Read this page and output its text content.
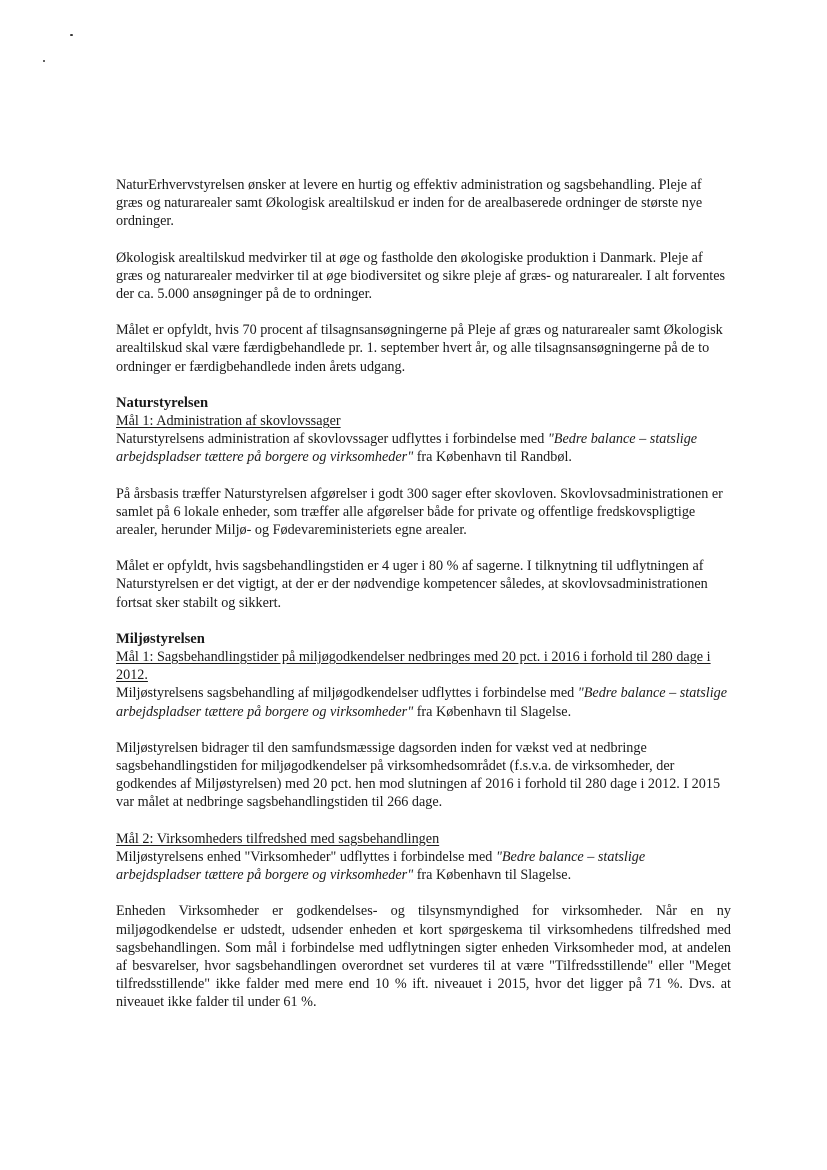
NaturErhvervstyrelsen ønsker at levere en hurtig og effektiv administration og sagsbehandling. Pleje af græs og naturarealer samt Økologisk arealtilskud er inden for de arealbaserede ordninger de største nye ordninger.

Økologisk arealtilskud medvirker til at øge og fastholde den økologiske produktion i Danmark. Pleje af græs og naturarealer medvirker til at øge biodiversitet og sikre pleje af græs- og naturarealer. I alt forventes der ca. 5.000 ansøgninger på de to ordninger.

Målet er opfyldt, hvis 70 procent af tilsagnsansøgningerne på Pleje af græs og naturarealer samt Økologisk arealtilskud skal være færdigbehandlede pr. 1. september hvert år, og alle tilsagnsansøgningerne på de to ordninger er færdigbehandlede inden årets udgang.

Naturstyrelsen

Mål 1: Administration af skovlovssager

Naturstyrelsens administration af skovlovssager udflyttes i forbindelse med "Bedre balance – statslige arbejdspladser tættere på borgere og virksomheder" fra København til Randbøl.

På årsbasis træffer Naturstyrelsen afgørelser i godt 300 sager efter skovloven. Skovlovsadministrationen er samlet på 6 lokale enheder, som træffer alle afgørelser både for private og offentlige fredskovspligtige arealer, herunder Miljø- og Fødevareministeriets egne arealer.

Målet er opfyldt, hvis sagsbehandlingstiden er 4 uger i 80 % af sagerne. I tilknytning til udflytningen af Naturstyrelsen er det vigtigt, at der er der nødvendige kompetencer således, at skovlovsadministrationen fortsat sker stabilt og sikkert.

Miljøstyrelsen

Mål 1: Sagsbehandlingstider på miljøgodkendelser nedbringes med 20 pct. i 2016 i forhold til 280 dage i 2012.

Miljøstyrelsens sagsbehandling af miljøgodkendelser udflyttes i forbindelse med "Bedre balance – statslige arbejdspladser tættere på borgere og virksomheder" fra København til Slagelse.

Miljøstyrelsen bidrager til den samfundsmæssige dagsorden inden for vækst ved at nedbringe sagsbehandlingstiden for miljøgodkendelser på virksomhedsområdet (f.s.v.a. de virksomheder, der godkendes af Miljøstyrelsen) med 20 pct. hen mod slutningen af 2016 i forhold til 280 dage i 2012. I 2015 var målet at nedbringe sagsbehandlingstiden til 266 dage.

Mål 2: Virksomheders tilfredshed med sagsbehandlingen

Miljøstyrelsens enhed "Virksomheder" udflyttes i forbindelse med "Bedre balance – statslige arbejdspladser tættere på borgere og virksomheder" fra København til Slagelse.

Enheden Virksomheder er godkendelses- og tilsynsmyndighed for virksomheder. Når en ny miljøgodkendelse er udstedt, udsender enheden et kort spørgeskema til virksomhedens tilfredshed med sagsbehandlingen. Som mål i forbindelse med udflytningen sigter enheden Virksomheder mod, at andelen af besvarelser, hvor sagsbehandlingen overordnet set vurderes til at være "Tilfredsstillende" eller "Meget tilfredsstillende" ikke falder med mere end 10 % ift. niveauet i 2015, hvor det ligger på 71 %. Dvs. at niveauet ikke falder til under 61 %.
